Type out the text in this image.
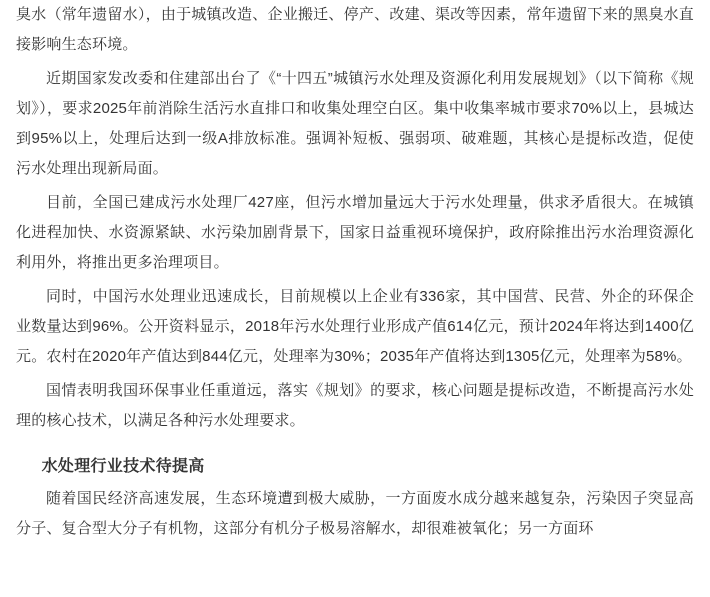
臭水（常年遗留水），由于城镇改造、企业搬迁、停产、改建、渠改等因素，常年遗留下来的黑臭水直接影响生态环境。

近期国家发改委和住建部出台了《“十四五”城镇污水处理及资源化利用发展规划》（以下简称《规划》），要求2025年前消除生活污水直排口和收集处理空白区。集中收集率城市要求70%以上，县城达到95%以上，处理后达到一级A排放标准。强调补短板、强弱项、破难题，其核心是提标改造，促使污水处理出现新局面。

目前，全国已建成污水处理厂427座，但污水增加量远大于污水处理量，供求矛盾很大。在城镇化进程加快、水资源紧缺、水污染加剧背景下，国家日益重视环境保护，政府除推出污水治理资源化利用外，将推出更多治理项目。

同时，中国污水处理业迅速成长，目前规模以上企业有336家，其中国营、民营、外企的环保企业数量达到96%。公开资料显示，2018年污水处理行业形成产值614亿元，预计2024年将达到1400亿元。农村在2020年产值达到844亿元，处理率为30%；2035年产值将达到1305亿元，处理率为58%。

国情表明我国环保事业任重道远，落实《规划》的要求，核心问题是提标改造，不断提高污水处理的核心技术，以满足各种污水处理要求。

水处理行业技术待提高

随着国民经济高速发展，生态环境遭到极大威胁，一方面废水成分越来越复杂，污染因子突显高分子、复合型大分子有机物，这部分有机分子极易溶解水，却很难被氧化；另一方面环
